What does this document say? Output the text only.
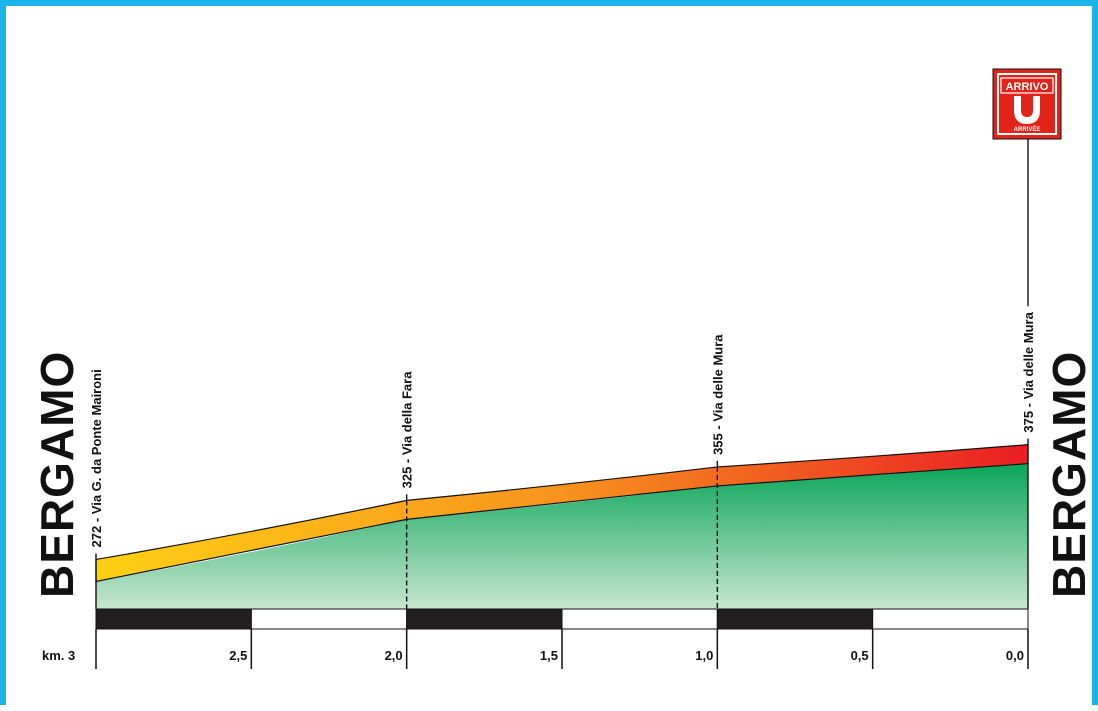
km. 3	2,5	2,0	1,5	1,0	0,5	0,0
272 - Via G. da Ponte Maironi	325 - Via della Fara	355 - Via delle Mura	375 - Via delle Mura
BERGAMO	BERGAMO
ARRIVO
ARRIVÉE
